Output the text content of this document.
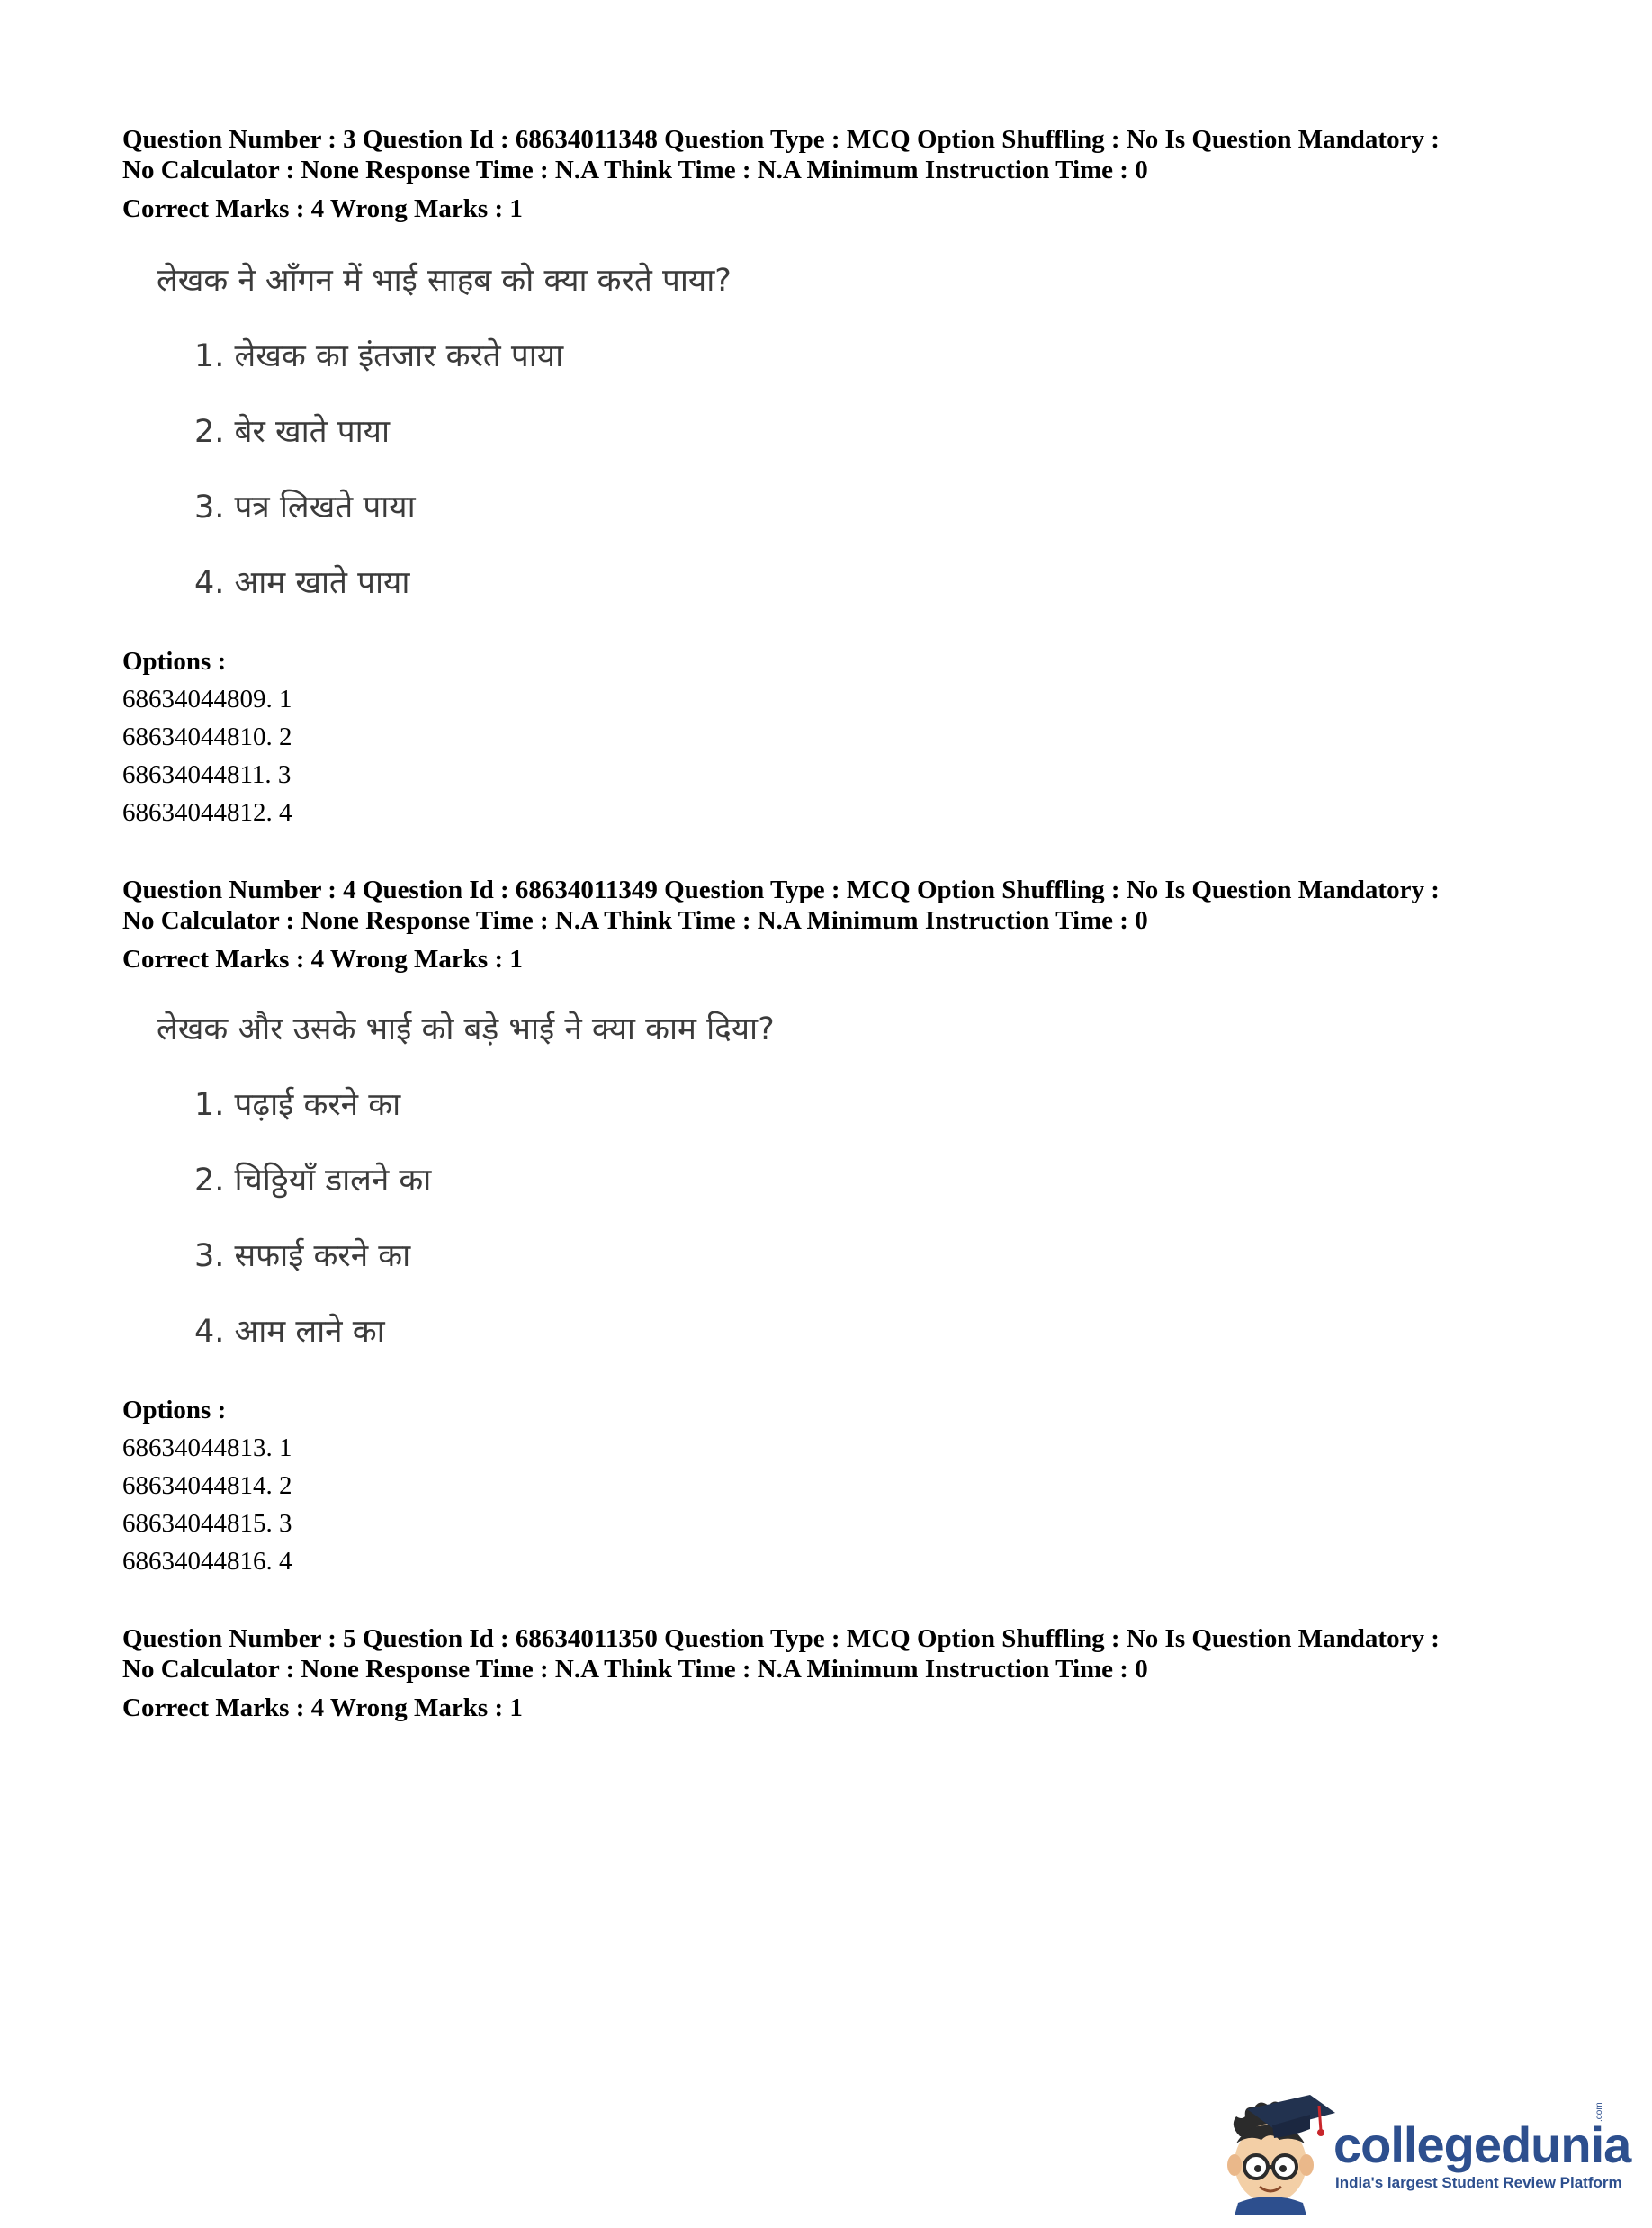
Question Number : 3 Question Id : 68634011348 Question Type : MCQ Option Shuffling : No Is Question Mandatory :
No Calculator : None Response Time : N.A Think Time : N.A Minimum Instruction Time : 0
Correct Marks : 4 Wrong Marks : 1
लेखक ने आँगन में भाई साहब को क्या करते पाया?
1. लेखक का इंतजार करते पाया
2. बेर खाते पाया
3. पत्र लिखते पाया
4. आम खाते पाया
Options :
68634044809. 1
68634044810. 2
68634044811. 3
68634044812. 4
Question Number : 4 Question Id : 68634011349 Question Type : MCQ Option Shuffling : No Is Question Mandatory :
No Calculator : None Response Time : N.A Think Time : N.A Minimum Instruction Time : 0
Correct Marks : 4 Wrong Marks : 1
लेखक और उसके भाई को बड़े भाई ने क्या काम दिया?
1. पढ़ाई करने का
2. चिठ्ठियाँ डालने का
3. सफाई करने का
4. आम लाने का
Options :
68634044813. 1
68634044814. 2
68634044815. 3
68634044816. 4
Question Number : 5 Question Id : 68634011350 Question Type : MCQ Option Shuffling : No Is Question Mandatory :
No Calculator : None Response Time : N.A Think Time : N.A Minimum Instruction Time : 0
Correct Marks : 4 Wrong Marks : 1
collegedunia
.com
India's largest Student Review Platform
